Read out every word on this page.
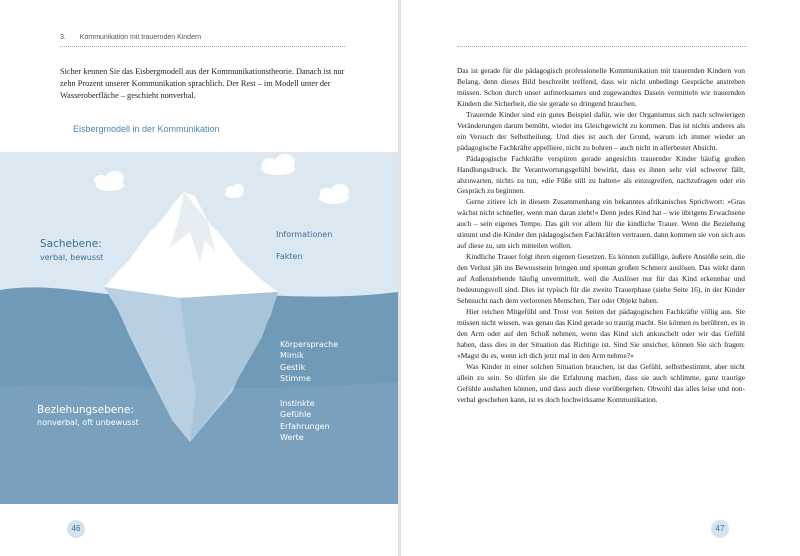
3. Kommunikation mit trauernden Kindern

Sicher kennen Sie das Eisbergmodell aus der Kommunikationstheorie. Danach ist nur zehn Prozent unserer Kommunikation sprachlich. Der Rest – im Modell unter der Wasseroberfläche – geschieht nonverbal.

Eisbergmodell in der Kommunikation
Sachebene:
verbal, bewusst
Informationen
Fakten
Körpersprache
Mimik
Gestik
Stimme
Instinkte
Gefühle
Erfahrungen
Werte
Beziehungsebene:
nonverbal, oft unbewusst
46

Das ist gerade für die pädagogisch professionelle Kommunikation mit trauernden Kindern von Belang, denn dieses Bild beschreibt treffend, dass wir nicht unbedingt Gespräche anstreben müssen. Schon durch unser aufmerksames und zugewandtes Dasein vermitteln wir trauernden Kindern die Sicherheit, die sie gerade so dringend brauchen.

Trauernde Kinder sind ein gutes Beispiel dafür, wie der Organismus sich nach schwierigen Veränderungen darum bemüht, wieder ins Gleichgewicht zu kommen. Das ist nichts anderes als ein Versuch der Selbstheilung. Und dies ist auch der Grund, warum ich immer wieder an pädagogische Fachkräfte appelliere, nicht zu bohren – auch nicht in allerbester Absicht.

Pädagogische Fachkräfte verspüren gerade angesichts trauernder Kinder häufig großen Handlungsdruck. Ihr Verantwortungsgefühl bewirkt, dass es ihnen sehr viel schwerer fällt, abzuwarten, nichts zu tun, »die Füße still zu halten« als einzugreifen, nachzufragen oder ein Gespräch zu beginnen.

Gerne zitiere ich in diesem Zusammenhang ein bekanntes afrikanisches Sprichwort: »Gras wächst nicht schneller, wenn man daran zieht!« Denn jedes Kind hat – wie übrigens Erwachsene auch – sein eigenes Tempo. Das gilt vor allem für die kindliche Trauer. Wenn die Beziehung stimmt und die Kinder den pädagogischen Fachkräften vertrauen, dann kommen sie von sich aus auf diese zu, um sich mitteilen wollen.

Kindliche Trauer folgt ihren eigenen Gesetzen. Es können zufällige, äußere Anstöße sein, die den Verlust jäh ins Bewusstsein bringen und spontan großen Schmerz auslösen. Das wirkt dann auf Außenstehende häufig unvermittelt, weil die Auslöser nur für das Kind erkennbar und bedeutungsvoll sind. Dies ist typisch für die zweite Trauerphase (siehe Seite 16), in der Kinder Sehnsucht nach dem verlorenen Menschen, Tier oder Objekt haben.

Hier reichen Mitgefühl und Trost von Seiten der pädagogischen Fachkräfte völlig aus. Sie müssen nicht wissen, was genau das Kind gerade so traurig macht. Sie können es berühren, es in den Arm oder auf den Schoß nehmen, wenn das Kind sich ankuschelt oder wir das Gefühl haben, dass dies in der Situation das Richtige ist. Sind Sie unsicher, können Sie sich fragen: »Magst du es, wenn ich dich jetzt mal in den Arm nehme?«

Was Kinder in einer solchen Situation brauchen, ist das Gefühl, selbstbestimmt, aber nicht allein zu sein. So dürfen sie die Erfahrung machen, dass sie auch schlimme, ganz traurige Gefühle aushalten können, und dass auch diese vorübergehen. Obwohl das alles leise und non-verbal geschehen kann, ist es doch hochwirksame Kommunikation.

47
